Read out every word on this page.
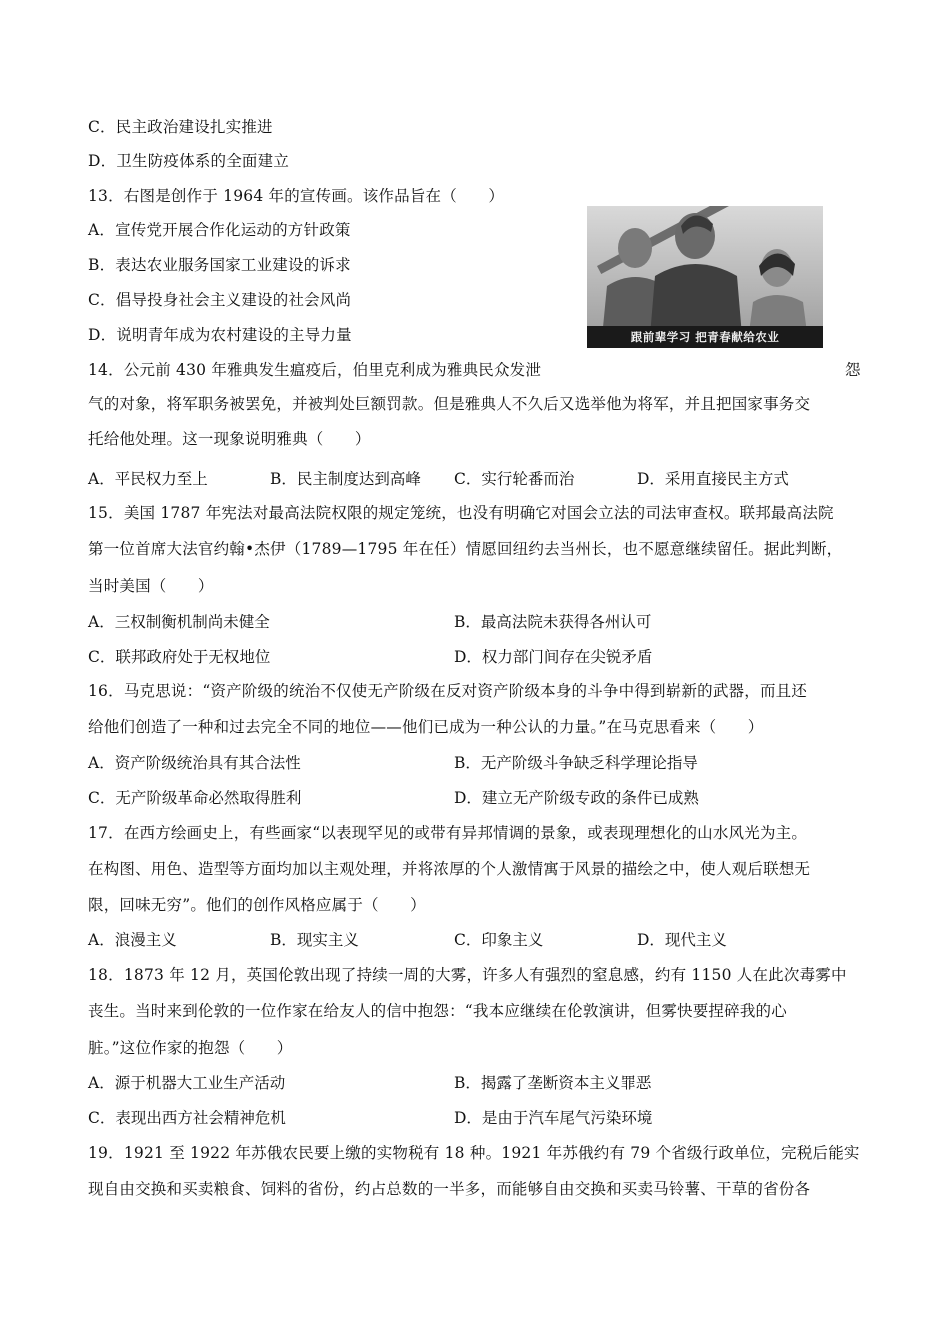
C．民主政治建设扎实推进
D．卫生防疫体系的全面建立
13．右图是创作于 1964 年的宣传画。该作品旨在（　　）
A．宣传党开展合作化运动的方针政策
B．表达农业服务国家工业建设的诉求
C．倡导投身社会主义建设的社会风尚
D．说明青年成为农村建设的主导力量	跟前辈学习 把青春献给农业
14．公元前 430 年雅典发生瘟疫后，伯里克利成为雅典民众发泄	怨
气的对象，将军职务被罢免，并被判处巨额罚款。但是雅典人不久后又选举他为将军，并且把国家事务交
托给他处理。这一现象说明雅典（　　）
A．平民权力至上	B．民主制度达到高峰 C．实行轮番而治	D．采用直接民主方式
15．美国 1787 年宪法对最高法院权限的规定笼统，也没有明确它对国会立法的司法审查权。联邦最高法院
第一位首席大法官约翰•杰伊（1789—1795 年在任）情愿回纽约去当州长，也不愿意继续留任。据此判断，
当时美国（　　）
A．三权制衡机制尚未健全	B．最高法院未获得各州认可
C．联邦政府处于无权地位	D．权力部门间存在尖锐矛盾
16．马克思说：“资产阶级的统治不仅使无产阶级在反对资产阶级本身的斗争中得到崭新的武器，而且还
给他们创造了一种和过去完全不同的地位——他们已成为一种公认的力量。”在马克思看来（　　）
A．资产阶级统治具有其合法性	B．无产阶级斗争缺乏科学理论指导
C．无产阶级革命必然取得胜利	D．建立无产阶级专政的条件已成熟
17．在西方绘画史上，有些画家“以表现罕见的或带有异邦情调的景象，或表现理想化的山水风光为主。
在构图、用色、造型等方面均加以主观处理，并将浓厚的个人激情寓于风景的描绘之中，使人观后联想无
限，回味无穷”。他们的创作风格应属于（　　）
A．浪漫主义	B．现实主义	C．印象主义	D．现代主义
18．1873 年 12 月，英国伦敦出现了持续一周的大雾，许多人有强烈的窒息感，约有 1150 人在此次毒雾中
丧生。当时来到伦敦的一位作家在给友人的信中抱怨：“我本应继续在伦敦演讲，但雾快要捏碎我的心
脏。”这位作家的抱怨（　　）
A．源于机器大工业生产活动	B．揭露了垄断资本主义罪恶
C．表现出西方社会精神危机	D．是由于汽车尾气污染环境
19．1921 至 1922 年苏俄农民要上缴的实物税有 18 种。1921 年苏俄约有 79 个省级行政单位，完税后能实
现自由交换和买卖粮食、饲料的省份，约占总数的一半多，而能够自由交换和买卖马铃薯、干草的省份各
